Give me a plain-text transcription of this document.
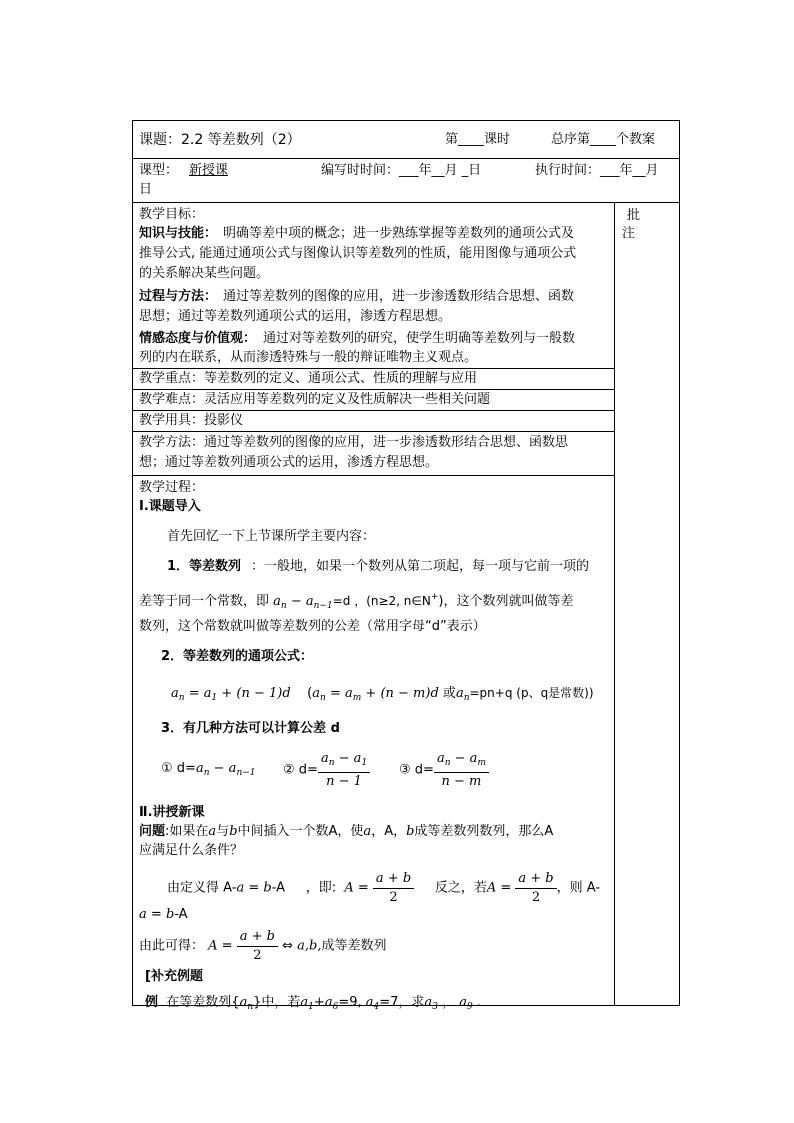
课题：2.2 等差数列（2）	第____课时	总序第____个教案
课型： 新授课	编写时时间：___年__月 _日	执行时间：___年__月
日
批
注
教学目标：
知识与技能： 明确等差中项的概念；进一步熟练掌握等差数列的通项公式及
推导公式, 能通过通项公式与图像认识等差数列的性质，能用图像与通项公式
的关系解决某些问题。
过程与方法： 通过等差数列的图像的应用，进一步渗透数形结合思想、函数
思想；通过等差数列通项公式的运用，渗透方程思想。
情感态度与价值观： 通过对等差数列的研究，使学生明确等差数列与一般数
列的内在联系，从而渗透特殊与一般的辩证唯物主义观点。
教学重点：等差数列的定义、通项公式、性质的理解与应用
教学难点：灵活应用等差数列的定义及性质解决一些相关问题
教学用具：投影仪
教学方法：通过等差数列的图像的应用，进一步渗透数形结合思想、函数思
想；通过等差数列通项公式的运用，渗透方程思想。
教学过程：
Ⅰ.课题导入
首先回忆一下上节课所学主要内容：
1．等差数列 ：一般地，如果一个数列从第二项起，每一项与它前一项的
差等于同一个常数，即 $a_n - a_{n-1}=d$ ，(n≥2, n∈N+)，这个数列就叫做等差
数列，这个常数就叫做等差数列的公差（常用字母“d”表示）
2．等差数列的通项公式：
$a_n = a_1 + (n - 1)d$    ($a_n = a_m + (n - m)d$ 或$a_n=pn+q$ (p、q是常数))
3．有几种方法可以计算公差 d
① $d=a_n - a_{n-1}$ ② $d= \frac{a_n - a_1}{n - 1}$ ③ $d= \frac{a_n - a_m}{n - m}$
Ⅱ.讲授新课
问题:如果在a与b中间插入一个数A，使a，A，b成等差数列数列，那么A
应满足什么条件？
由定义得 A-a = b-A ，即: $A = \frac{a + b}{2}$ 反之，若$A = \frac{a + b}{2}$ ，则 A-
a = b-A
由此可得： $A = \frac{a + b}{2}$ ⇔ a,b,成等差数列
[补充例题
例 在等差数列$\{a_n\}$中，若$a_1+a_6=9$, $a_4=7$，求$a_3$ ， $a_9$ .
